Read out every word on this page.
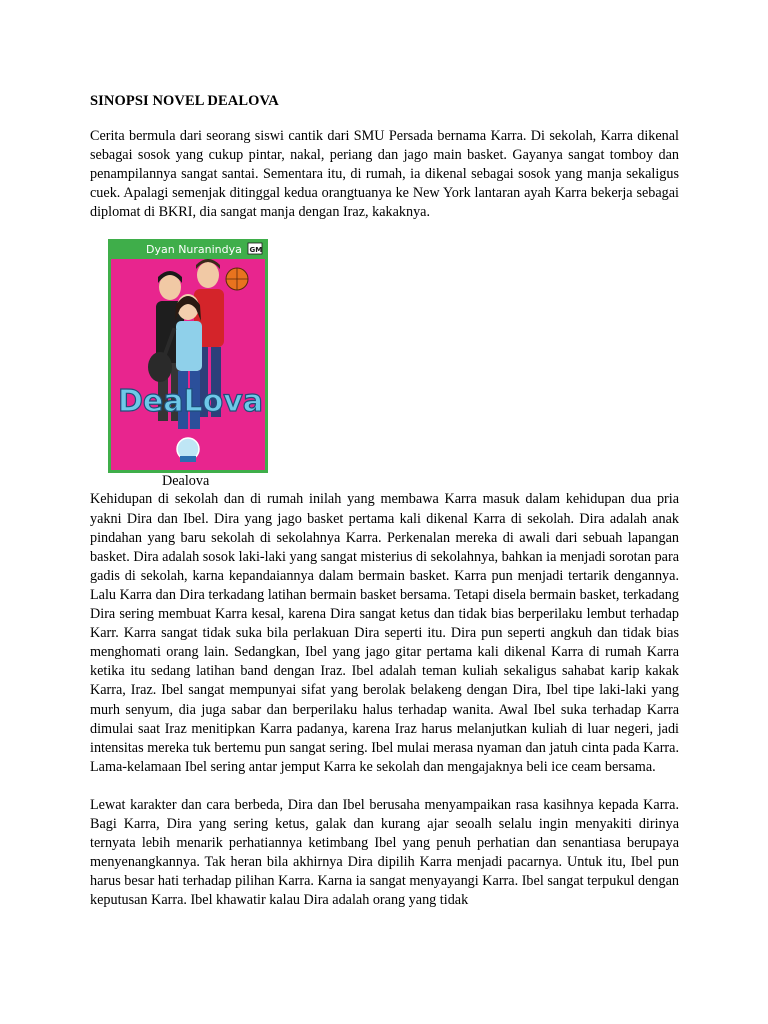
SINOPSI NOVEL DEALOVA

Cerita bermula dari seorang siswi cantik dari SMU Persada bernama Karra. Di sekolah, Karra dikenal sebagai sosok yang cukup pintar, nakal, periang dan jago main basket. Gayanya sangat tomboy dan penampilannya sangat santai. Sementara itu, di rumah, ia dikenal sebagai sosok yang manja sekaligus cuek. Apalagi semenjak ditinggal kedua orangtuanya ke New York lantaran ayah Karra bekerja sebagai diplomat di BKRI, dia sangat manja dengan Iraz, kakaknya.

Dyan Nuranindya GM
DeaLova
Dealova

Kehidupan di sekolah dan di rumah inilah yang membawa Karra masuk dalam kehidupan dua pria yakni Dira dan Ibel. Dira yang jago basket pertama kali dikenal Karra di sekolah. Dira adalah anak pindahan yang baru sekolah di sekolahnya Karra. Perkenalan mereka di awali dari sebuah lapangan basket. Dira adalah sosok laki-laki yang sangat misterius di sekolahnya, bahkan ia menjadi sorotan para gadis di sekolah, karna kepandaiannya dalam bermain basket. Karra pun menjadi tertarik dengannya. Lalu Karra dan Dira terkadang latihan bermain basket bersama. Tetapi disela bermain basket, terkadang Dira sering membuat Karra kesal, karena Dira sangat ketus dan tidak bias berperilaku lembut terhadap Karr. Karra sangat tidak suka bila perlakuan Dira seperti itu. Dira pun seperti angkuh dan tidak bias menghomati orang lain. Sedangkan, Ibel yang jago gitar pertama kali dikenal Karra di rumah Karra ketika itu sedang latihan band dengan Iraz. Ibel adalah teman kuliah sekaligus sahabat karip kakak Karra, Iraz. Ibel sangat mempunyai sifat yang berolak belakeng dengan Dira, Ibel tipe laki-laki yang murh senyum, dia juga sabar dan berperilaku halus terhadap wanita. Awal Ibel suka terhadap Karra dimulai saat Iraz menitipkan Karra padanya, karena Iraz harus melanjutkan kuliah di luar negeri, jadi intensitas mereka tuk bertemu pun sangat sering. Ibel mulai merasa nyaman dan jatuh cinta pada Karra. Lama-kelamaan Ibel sering antar jemput Karra ke sekolah dan mengajaknya beli ice ceam bersama.

Lewat karakter dan cara berbeda, Dira dan Ibel berusaha menyampaikan rasa kasihnya kepada Karra. Bagi Karra, Dira yang sering ketus, galak dan kurang ajar seoalh selalu ingin menyakiti dirinya ternyata lebih menarik perhatiannya ketimbang Ibel yang penuh perhatian dan senantiasa berupaya menyenangkannya. Tak heran bila akhirnya Dira dipilih Karra menjadi pacarnya. Untuk itu, Ibel pun harus besar hati terhadap pilihan Karra. Karna ia sangat menyayangi Karra. Ibel sangat terpukul dengan keputusan Karra. Ibel khawatir kalau Dira adalah orang yang tidak
